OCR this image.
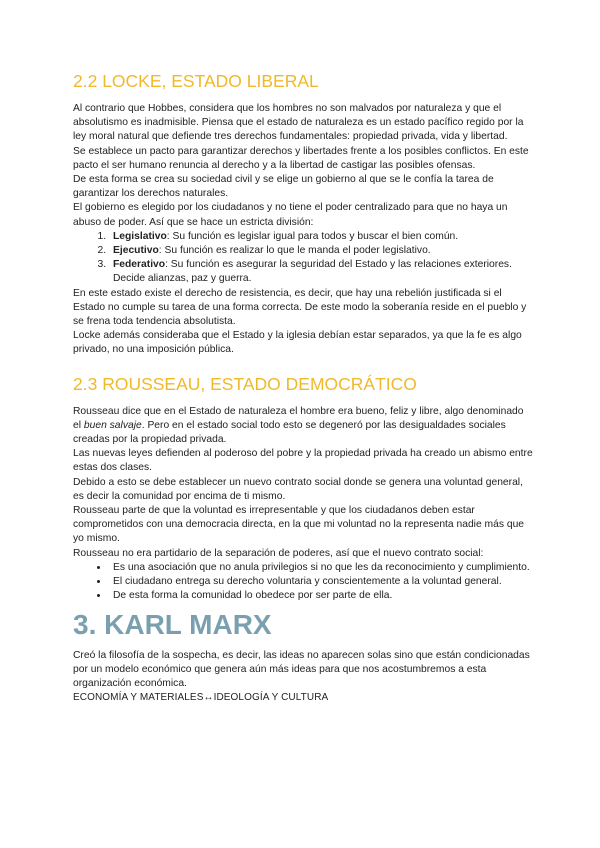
2.2 LOCKE, ESTADO LIBERAL

Al contrario que Hobbes, considera que los hombres no son malvados por naturaleza y que el absolutismo es inadmisible. Piensa que el estado de naturaleza es un estado pacífico regido por la ley moral natural que defiende tres derechos fundamentales: propiedad privada, vida y libertad.

Se establece un pacto para garantizar derechos y libertades frente a los posibles conflictos. En este pacto el ser humano renuncia al derecho y a la libertad de castigar las posibles ofensas.

De esta forma se crea su sociedad civil y se elige un gobierno al que se le confía la tarea de garantizar los derechos naturales.

El gobierno es elegido por los ciudadanos y no tiene el poder centralizado para que no haya un abuso de poder. Así que se hace un estricta división:

1. Legislativo: Su función es legislar igual para todos y buscar el bien común.
2. Ejecutivo: Su función es realizar lo que le manda el poder legislativo.
3. Federativo: Su función es asegurar la seguridad del Estado y las relaciones exteriores. Decide alianzas, paz y guerra.

En este estado existe el derecho de resistencia, es decir, que hay una rebelión justificada si el Estado no cumple su tarea de una forma correcta. De este modo la soberanía reside en el pueblo y se frena toda tendencia absolutista.

Locke además consideraba que el Estado y la iglesia debían estar separados, ya que la fe es algo privado, no una imposición pública.

2.3 ROUSSEAU, ESTADO DEMOCRÁTICO

Rousseau dice que en el Estado de naturaleza el hombre era bueno, feliz y libre, algo denominado el buen salvaje. Pero en el estado social todo esto se degeneró por las desigualdades sociales creadas por la propiedad privada.

Las nuevas leyes defienden al poderoso del pobre y la propiedad privada ha creado un abismo entre estas dos clases.

Debido a esto se debe establecer un nuevo contrato social donde se genera una voluntad general, es decir la comunidad por encima de ti mismo.

Rousseau parte de que la voluntad es irrepresentable y que los ciudadanos deben estar comprometidos con una democracia directa, en la que mi voluntad no la representa nadie más que yo mismo.

Rousseau no era partidario de la separación de poderes, así que el nuevo contrato social:

• Es una asociación que no anula privilegios si no que les da reconocimiento y cumplimiento.
• El ciudadano entrega su derecho voluntaria y conscientemente a la voluntad general.
• De esta forma la comunidad lo obedece por ser parte de ella.
3. KARL MARX

Creó la filosofía de la sospecha, es decir, las ideas no aparecen solas sino que están condicionadas por un modelo económico que genera aún más ideas para que nos acostumbremos a esta organización económica.

ECONOMÍA Y MATERIALES↔IDEOLOGÍA Y CULTURA
